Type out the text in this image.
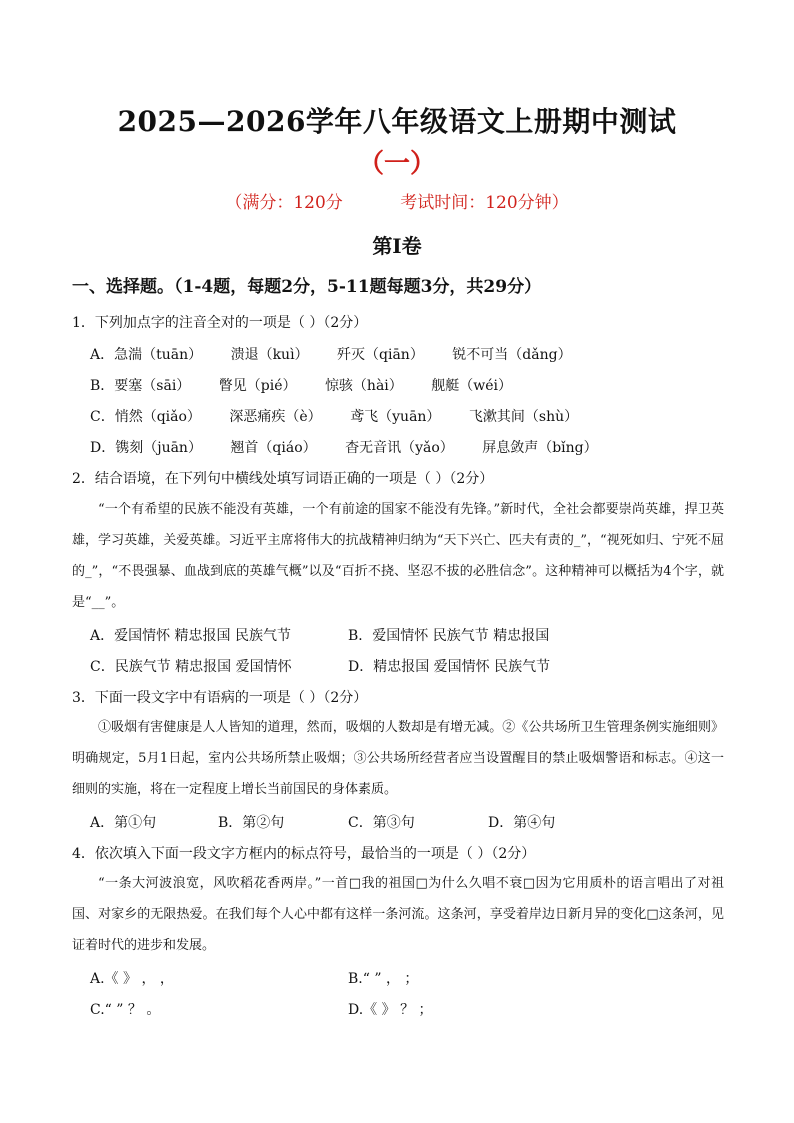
2025—2026学年八年级语文上册期中测试
（一）
（满分：120分	考试时间：120分钟）
第Ⅰ卷
一、选择题。（1-4题，每题2分，5-11题每题3分，共29分）
1．下列加点字的注音全对的一项是（ ）（2分）
A．急湍（tuān） 溃退（kuì） 歼灭（qiān） 锐不可当（dǎng）
B．要塞（sāi） 瞥见（pié） 惊骇（hài） 舰艇（wéi）
C．悄然（qiǎo） 深恶痛疾（è） 鸢飞（yuān） 飞漱其间（shù）
D．镌刻（juān） 翘首（qiáo） 杳无音讯（yǎo） 屏息敛声（bǐng）
2．结合语境，在下列句中横线处填写词语正确的一项是（ ）（2分）
“一个有希望的民族不能没有英雄，一个有前途的国家不能没有先锋。”新时代，全社会都要崇尚英雄，捍卫英雄，学习英雄，关爱英雄。习近平主席将伟大的抗战精神归纳为“天下兴亡、匹夫有责的_”，“视死如归、宁死不屈的_”，“不畏强暴、血战到底的英雄气概”以及“百折不挠、坚忍不拔的必胜信念”。这种精神可以概括为4个字，就是“__”。
A．爱国情怀 精忠报国 民族气节	B．爱国情怀 民族气节 精忠报国
C．民族气节 精忠报国 爱国情怀	D．精忠报国 爱国情怀 民族气节
3．下面一段文字中有语病的一项是（ ）（2分）
①吸烟有害健康是人人皆知的道理，然而，吸烟的人数却是有增无减。②《公共场所卫生管理条例实施细则》明确规定，5月1日起，室内公共场所禁止吸烟；③公共场所经营者应当设置醒目的禁止吸烟警语和标志。④这一细则的实施，将在一定程度上增长当前国民的身体素质。
A．第①句	B．第②句	C．第③句	D．第④句
4．依次填入下面一段文字方框内的标点符号，最恰当的一项是（ ）（2分）
“一条大河波浪宽，风吹稻花香两岸。”一首□我的祖国□为什么久唱不衰□因为它用质朴的语言唱出了对祖国、对家乡的无限热爱。在我们每个人心中都有这样一条河流。这条河，享受着岸边日新月异的变化□这条河，见证着时代的进步和发展。
A.《 》 ， ，	B.“ ” ， ；
C.“ ” ？ 。	D.《 》 ？ ；
